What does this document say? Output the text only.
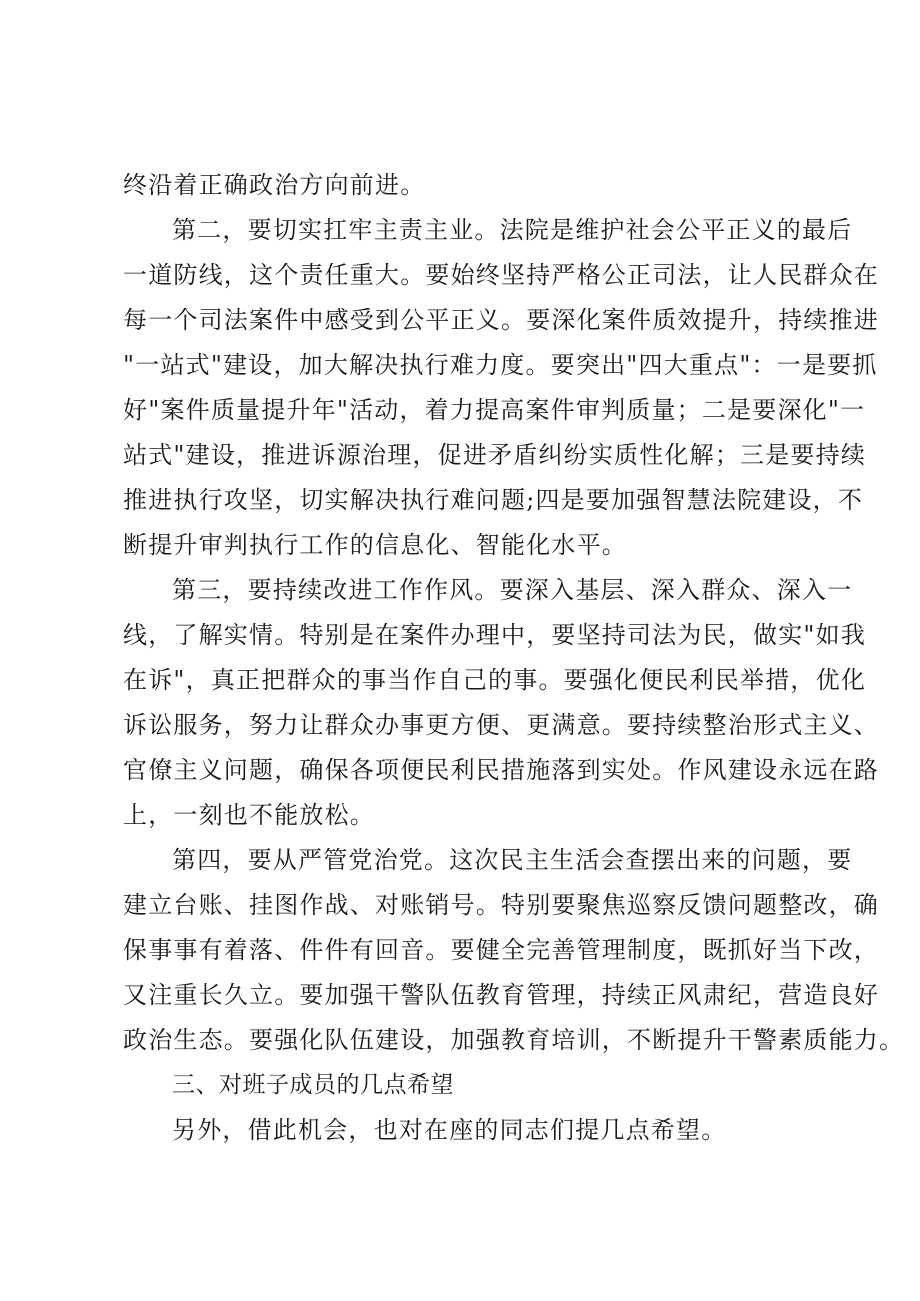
终沿着正确政治方向前进。
第二，要切实扛牢主责主业。法院是维护社会公平正义的最后
一道防线，这个责任重大。要始终坚持严格公正司法，让人民群众在
每一个司法案件中感受到公平正义。要深化案件质效提升，持续推进
"一站式"建设，加大解决执行难力度。要突出"四大重点"：一是要抓
好"案件质量提升年"活动，着力提高案件审判质量；二是要深化"一
站式"建设，推进诉源治理，促进矛盾纠纷实质性化解；三是要持续
推进执行攻坚，切实解决执行难问题;四是要加强智慧法院建设，不
断提升审判执行工作的信息化、智能化水平。
第三，要持续改进工作作风。要深入基层、深入群众、深入一
线，了解实情。特别是在案件办理中，要坚持司法为民，做实"如我
在诉"，真正把群众的事当作自己的事。要强化便民利民举措，优化
诉讼服务，努力让群众办事更方便、更满意。要持续整治形式主义、
官僚主义问题，确保各项便民利民措施落到实处。作风建设永远在路
上，一刻也不能放松。
第四，要从严管党治党。这次民主生活会查摆出来的问题，要
建立台账、挂图作战、对账销号。特别要聚焦巡察反馈问题整改，确
保事事有着落、件件有回音。要健全完善管理制度，既抓好当下改，
又注重长久立。要加强干警队伍教育管理，持续正风肃纪，营造良好
政治生态。要强化队伍建设，加强教育培训，不断提升干警素质能力。
三、对班子成员的几点希望
另外，借此机会，也对在座的同志们提几点希望。
